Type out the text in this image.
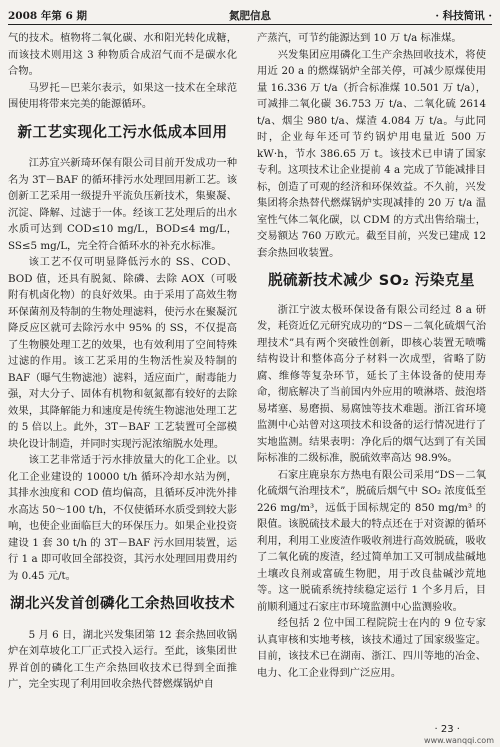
2008 年第 6 期	氮肥信息	· 科技简讯 ·

气的技术。植物将二氧化碳、水和阳光转化成糖，而该技术则用这 3 种物质合成沼气而不是碳水化合物。

马罗托－巴莱尔表示，如果这一技术在全球范围使用将带来完美的能源循环。

新工艺实现化工污水低成本回用

江苏宜兴新琦环保有限公司目前开发成功一种名为 3T－BAF 的循环排污水处理回用新工艺。该创新工艺采用一级提升平流负压新技术，集聚凝、沉淀、降解、过滤于一体。经该工艺处理后的出水水质可达到 COD≤10 mg/L，BOD≤4 mg/L，SS≤5 mg/L，完全符合循环水的补充水标准。

该工艺不仅可明显降低污水的 SS、COD、BOD 值，还具有脱氮、除磷、去除 AOX（可吸附有机卤化物）的良好效果。由于采用了高效生物环保菌剂及特制的生物处理滤料，使污水在聚凝沉降反应区就可去除污水中 95% 的 SS，不仅提高了生物膜处理工艺的效果，也有效利用了空间特殊过滤的作用。该工艺采用的生物活性炭及特制的 BAF（曝气生物滤池）滤料，适应面广，耐毒能力强，对大分子、固体有机物和氨氮都有较好的去除效果，其降解能力和速度是传统生物滤池处理工艺的 5 倍以上。此外，3T－BAF 工艺装置可全部模块化设计制造，并同时实现污泥浓缩脱水处理。

该工艺非常适于污水排放量大的化工企业。以化工企业建设的 10000 t/h 循环冷却水站为例，其排水浊度和 COD 值均偏高，且循环反冲洗外排水高达 50～100 t/h，不仅使循环水质受到较大影响，也使企业面临巨大的环保压力。如果企业投资建设 1 套 30 t/h 的 3T－BAF 污水回用装置，运行 1 a 即可收回全部投资，其污水处理回用费用约为 0.45 元/t。

湖北兴发首创磷化工余热回收技术

5 月 6 日，湖北兴发集团第 12 套余热回收锅炉在刘草坡化工厂正式投入运行。至此，该集团世界首创的磷化工生产余热回收技术已得到全面推广，完全实现了利用回收余热代替燃煤锅炉自

产蒸汽，可节约能源达到 10 万 t/a 标准煤。

兴发集团应用磷化工生产余热回收技术，将使用近 20 a 的燃煤锅炉全部关停，可减少原煤使用量 16.336 万 t/a（折合标准煤 10.501 万 t/a），可减排二氧化碳 36.753 万 t/a、二氧化硫 2614 t/a、烟尘 980 t/a、煤渣 4.084 万 t/a。与此同时，企业每年还可节约锅炉用电量近 500 万 kW·h，节水 386.65 万 t。该技术已申请了国家专利。这项技术让企业提前 4 a 完成了节能减排目标，创造了可观的经济和环保效益。不久前，兴发集团将余热替代燃煤锅炉实现减排的 20 万 t/a 温室性气体二氧化碳，以 CDM 的方式出售给瑞士，交易额达 760 万欧元。截至目前，兴发已建成 12 套余热回收装置。

脱硫新技术减少 SO₂ 污染克星

浙江宁波太极环保设备有限公司经过 8 a 研发，耗资近亿元研究成功的“DS－二氧化硫烟气治理技术”具有两个突破性创新，即核心装置无喷嘴结构设计和整体高分子材料一次成型，省略了防腐、维修等复杂环节，延长了主体设备的使用寿命，彻底解决了当前国内外应用的喷淋塔、鼓泡塔易堵塞、易磨损、易腐蚀等技术难题。浙江省环境监测中心站曾对这项技术和设备的运行情况进行了实地监测。结果表明：净化后的烟气达到了有关国际标准的二级标准，脱硫效率高达 98.9%。

石家庄鹿泉东方热电有限公司采用“DS－二氧化硫烟气治理技术”，脱硫后烟气中 SO₂ 浓度低至 226 mg/m³，远低于国标规定的 850 mg/m³ 的限值。该脱硫技术最大的特点还在于对资源的循环利用，利用工业废渣作吸收剂进行高效脱硫，吸收了二氧化硫的废渣，经过简单加工又可制成盐碱地土壤改良剂或富硫生物肥，用于改良盐碱沙荒地等。这一脱硫系统持续稳定运行 1 个多月后，目前顺利通过石家庄市环境监测中心监测验收。

经包括 2 位中国工程院院士在内的 9 位专家认真审核和实地考核，该技术通过了国家级鉴定。目前，该技术已在湖南、浙江、四川等地的冶金、电力、化工企业得到广泛应用。

· 23 ·
www.wanqqi.com
